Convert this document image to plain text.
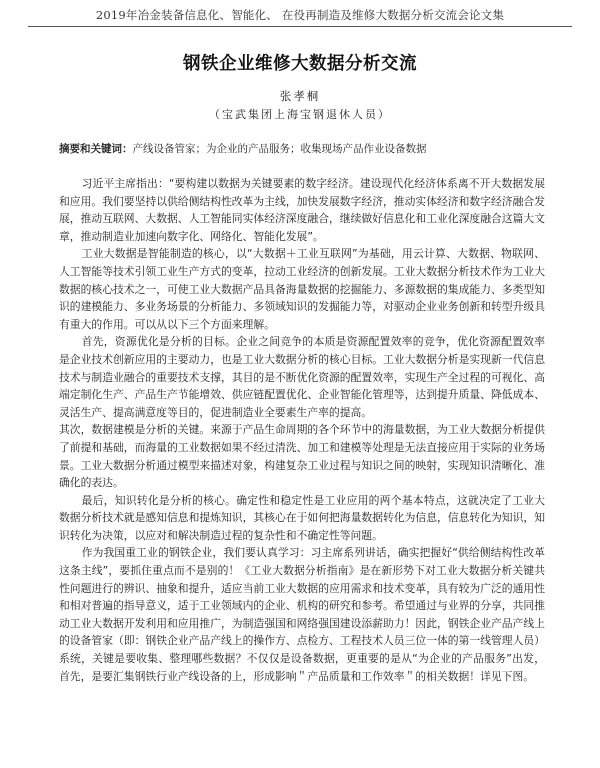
2019年冶金装备信息化、智能化、 在役再制造及维修大数据分析交流会论文集
钢铁企业维修大数据分析交流
张孝桐
（宝武集团上海宝钢退休人员）
摘要和关键词：产线设备管家；为企业的产品服务；收集现场产品作业设备数据

习近平主席指出：“要构建以数据为关键要素的数字经济。建设现代化经济体系离不开大数据发展和应用。我们要坚持以供给侧结构性改革为主线，加快发展数字经济，推动实体经济和数字经济融合发展，推动互联网、大数据、人工智能同实体经济深度融合，继续做好信息化和工业化深度融合这篇大文章，推动制造业加速向数字化、网络化、智能化发展”。

工业大数据是智能制造的核心，以“大数据＋工业互联网”为基础，用云计算、大数据、物联网、人工智能等技术引领工业生产方式的变革，拉动工业经济的创新发展。工业大数据分析技术作为工业大数据的核心技术之一，可使工业大数据产品具备海量数据的挖掘能力、多源数据的集成能力、多类型知识的建模能力、多业务场景的分析能力、多领域知识的发掘能力等，对驱动企业业务创新和转型升级具有重大的作用。可以从以下三个方面来理解。

首先，资源优化是分析的目标。企业之间竞争的本质是资源配置效率的竞争，优化资源配置效率是企业技术创新应用的主要动力，也是工业大数据分析的核心目标。工业大数据分析是实现新一代信息技术与制造业融合的重要技术支撑，其目的是不断优化资源的配置效率，实现生产全过程的可视化、高端定制化生产、产品生产节能增效、供应链配置优化、企业智能化管理等，达到提升质量、降低成本、灵活生产、提高满意度等目的，促进制造业全要素生产率的提高。

其次，数据建模是分析的关键。来源于产品生命周期的各个环节中的海量数据，为工业大数据分析提供了前提和基础，而海量的工业数据如果不经过清洗、加工和建模等处理是无法直接应用于实际的业务场景。工业大数据分析通过模型来描述对象，构建复杂工业过程与知识之间的映射，实现知识清晰化、准确化的表达。

最后，知识转化是分析的核心。确定性和稳定性是工业应用的两个基本特点，这就决定了工业大数据分析技术就是感知信息和提炼知识，其核心在于如何把海量数据转化为信息，信息转化为知识，知识转化为决策，以应对和解决制造过程的复杂性和不确定性等问题。

作为我国重工业的钢铁企业，我们要认真学习：习主席系列讲话，确实把握好“供给侧结构性改革这条主线”，要抓住重点而不是别的！《工业大数据分析指南》是在新形势下对工业大数据分析关键共性问题进行的辨识、抽象和提升，适应当前工业大数据的应用需求和技术变革，具有较为广泛的通用性和相对普遍的指导意义，适于工业领域内的企业、机构的研究和参考。希望通过与业界的分享，共同推动工业大数据开发利用和应用推广，为制造强国和网络强国建设添薪助力！因此，钢铁企业产品产线上的设备管家（即：钢铁企业产品产线上的操作方、点检方、工程技术人员三位一体的第一线管理人员）系统，关键是要收集、整理哪些数据？不仅仅是设备数据，更重要的是从“为企业的产品服务”出发，首先，是要汇集钢铁行业产线设备的上，形成影响＂产品质量和工作效率＂的相关数据！详见下图。
